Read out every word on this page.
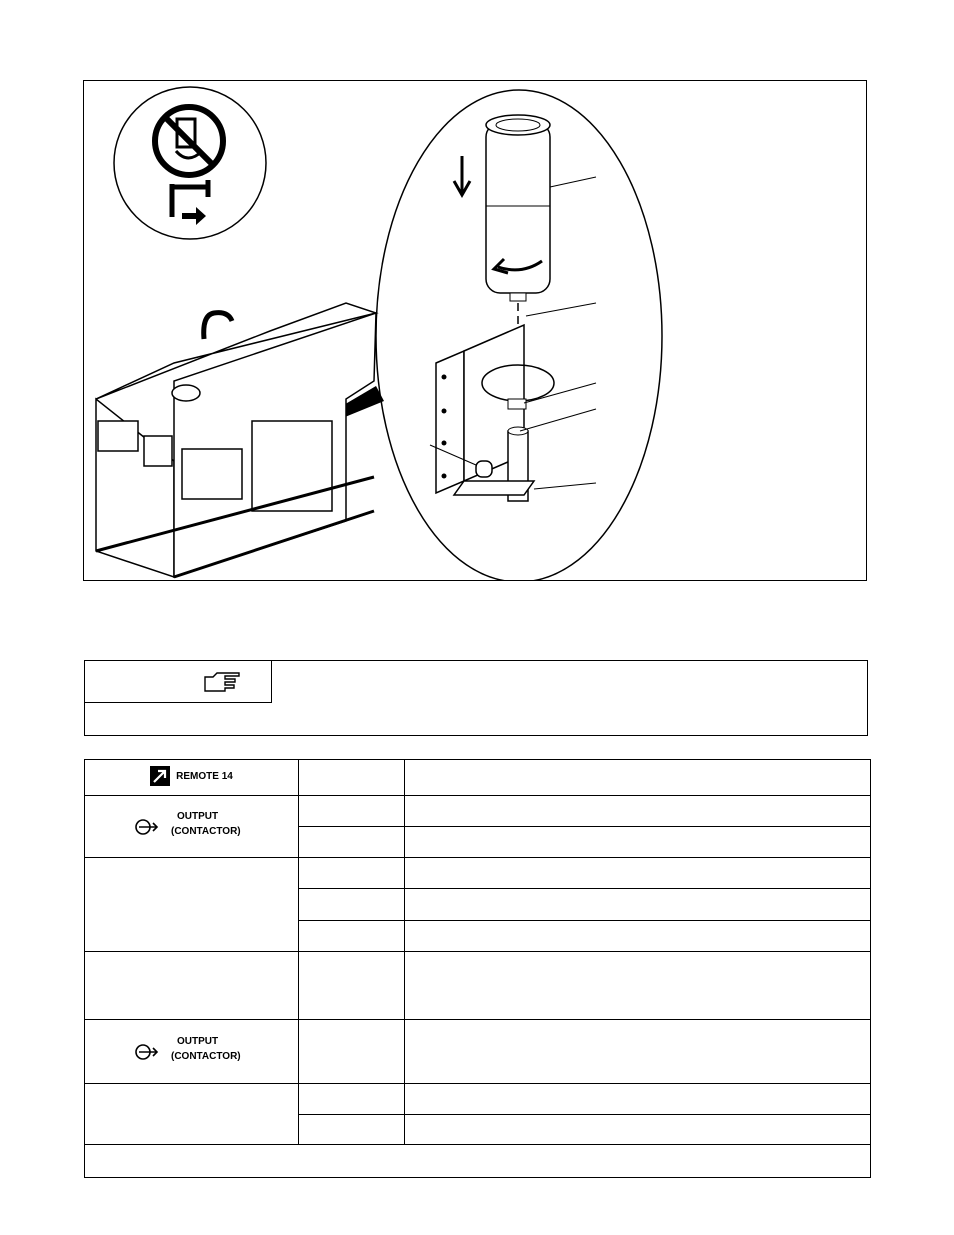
REMOTE 14		

OUTPUT
(CONTACTOR)		

OUTPUT
(CONTACTOR)		
